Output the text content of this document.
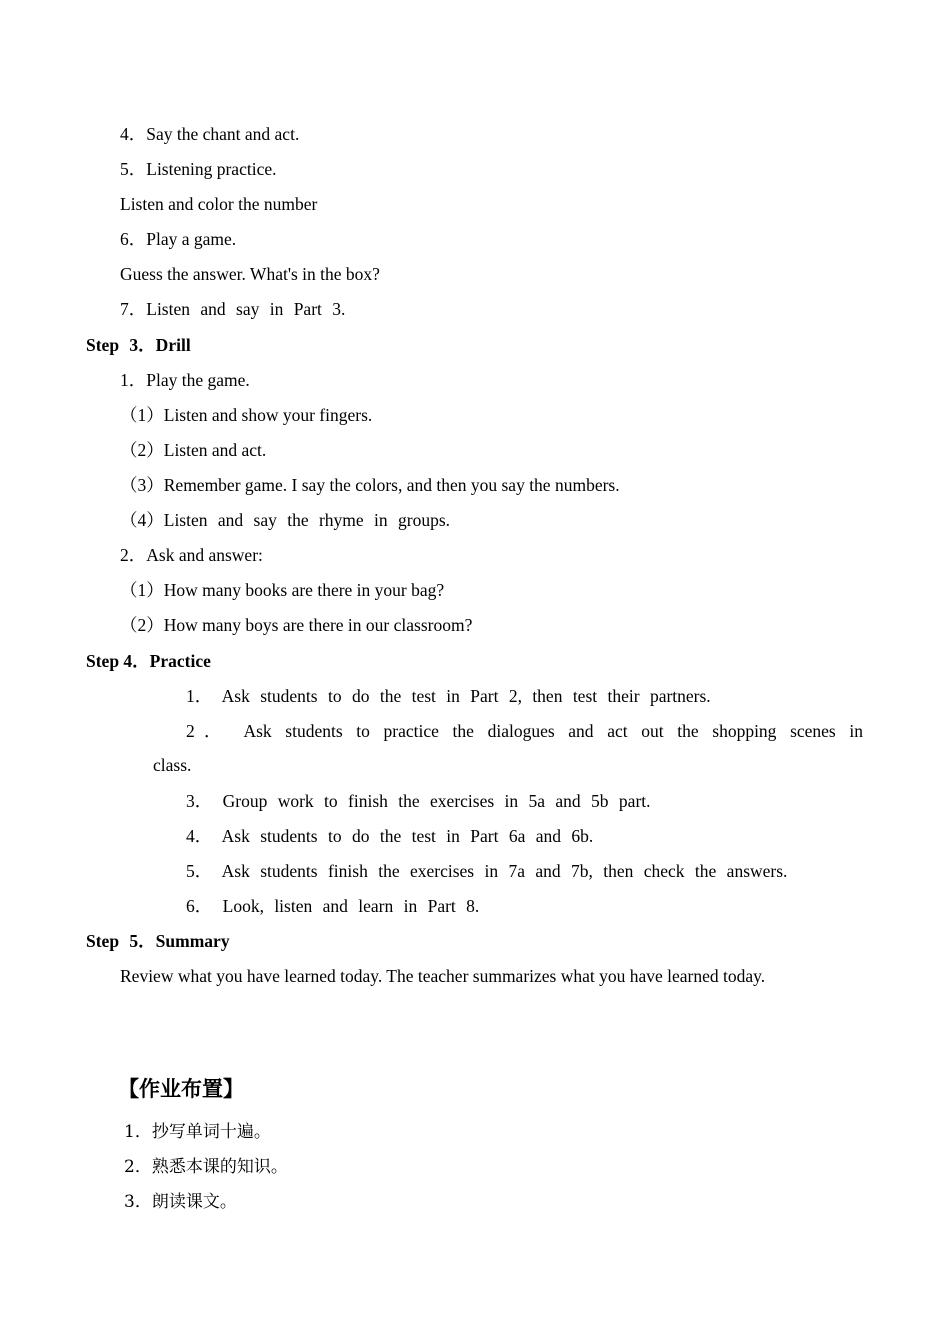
4．Say the chant and act.
5．Listening practice.
Listen and color the number
6．Play a game.
Guess the answer. What's in the box?
7．Listen and say in Part 3.
Step 3．Drill
1．Play the game.
（1）Listen and show your fingers.
（2）Listen and act.
（3）Remember game. I say the colors, and then you say the numbers.
（4）Listen and say the rhyme in groups.
2．Ask and answer:
（1）How many books are there in your bag?
（2）How many boys are there in our classroom?
Step 4．Practice
1． Ask students to do the test in Part 2, then test their partners.
2． Ask students to practice the dialogues and act out the shopping scenes in
class.
3． Group work to finish the exercises in 5a and 5b part.
4． Ask students to do the test in Part 6a and 6b.
5． Ask students finish the exercises in 7a and 7b, then check the answers.
6． Look, listen and learn in Part 8.
Step 5．Summary
Review what you have learned today. The teacher summarizes what you have learned today.
【作业布置】
1．抄写单词十遍。
2．熟悉本课的知识。
3．朗读课文。
